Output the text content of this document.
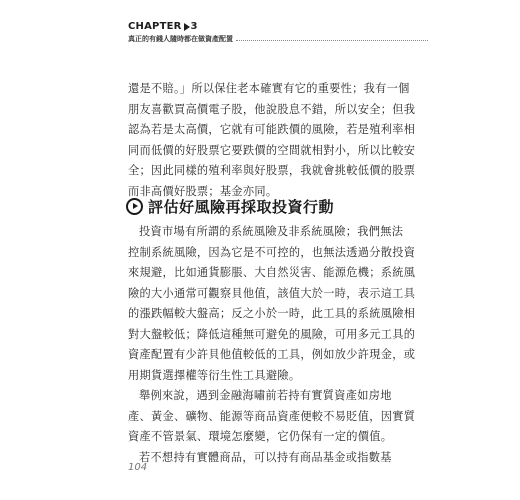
CHAPTER 3
真正的有錢人隨時都在做資產配置
還是不賠。」所以保住老本確實有它的重要性；我有一個
朋友喜歡買高價電子股，他說股息不錯，所以安全；但我
認為若是太高價，它就有可能跌價的風險，若是殖利率相
同而低價的好股票它要跌價的空間就相對小，所以比較安
全；因此同樣的殖利率與好股票，我就會挑較低價的股票
而非高價好股票；基金亦同。
評估好風險再採取投資行動
投資市場有所謂的系統風險及非系統風險；我們無法
控制系統風險，因為它是不可控的，也無法透過分散投資
來規避，比如通貨膨脹、大自然災害、能源危機；系統風
險的大小通常可觀察貝他值，該值大於一時，表示這工具
的漲跌幅較大盤高；反之小於一時，此工具的系統風險相
對大盤較低；降低這種無可避免的風險，可用多元工具的
資產配置有少許貝他值較低的工具，例如放少許現金，或
用期貨選擇權等衍生性工具避險。
舉例來說，遇到金融海嘯前若持有實質資產如房地
產、黃金、礦物、能源等商品資產便較不易貶值，因實質
資產不管景氣、環境怎麼變，它仍保有一定的價值。
若不想持有實體商品，可以持有商品基金或指數基
104
